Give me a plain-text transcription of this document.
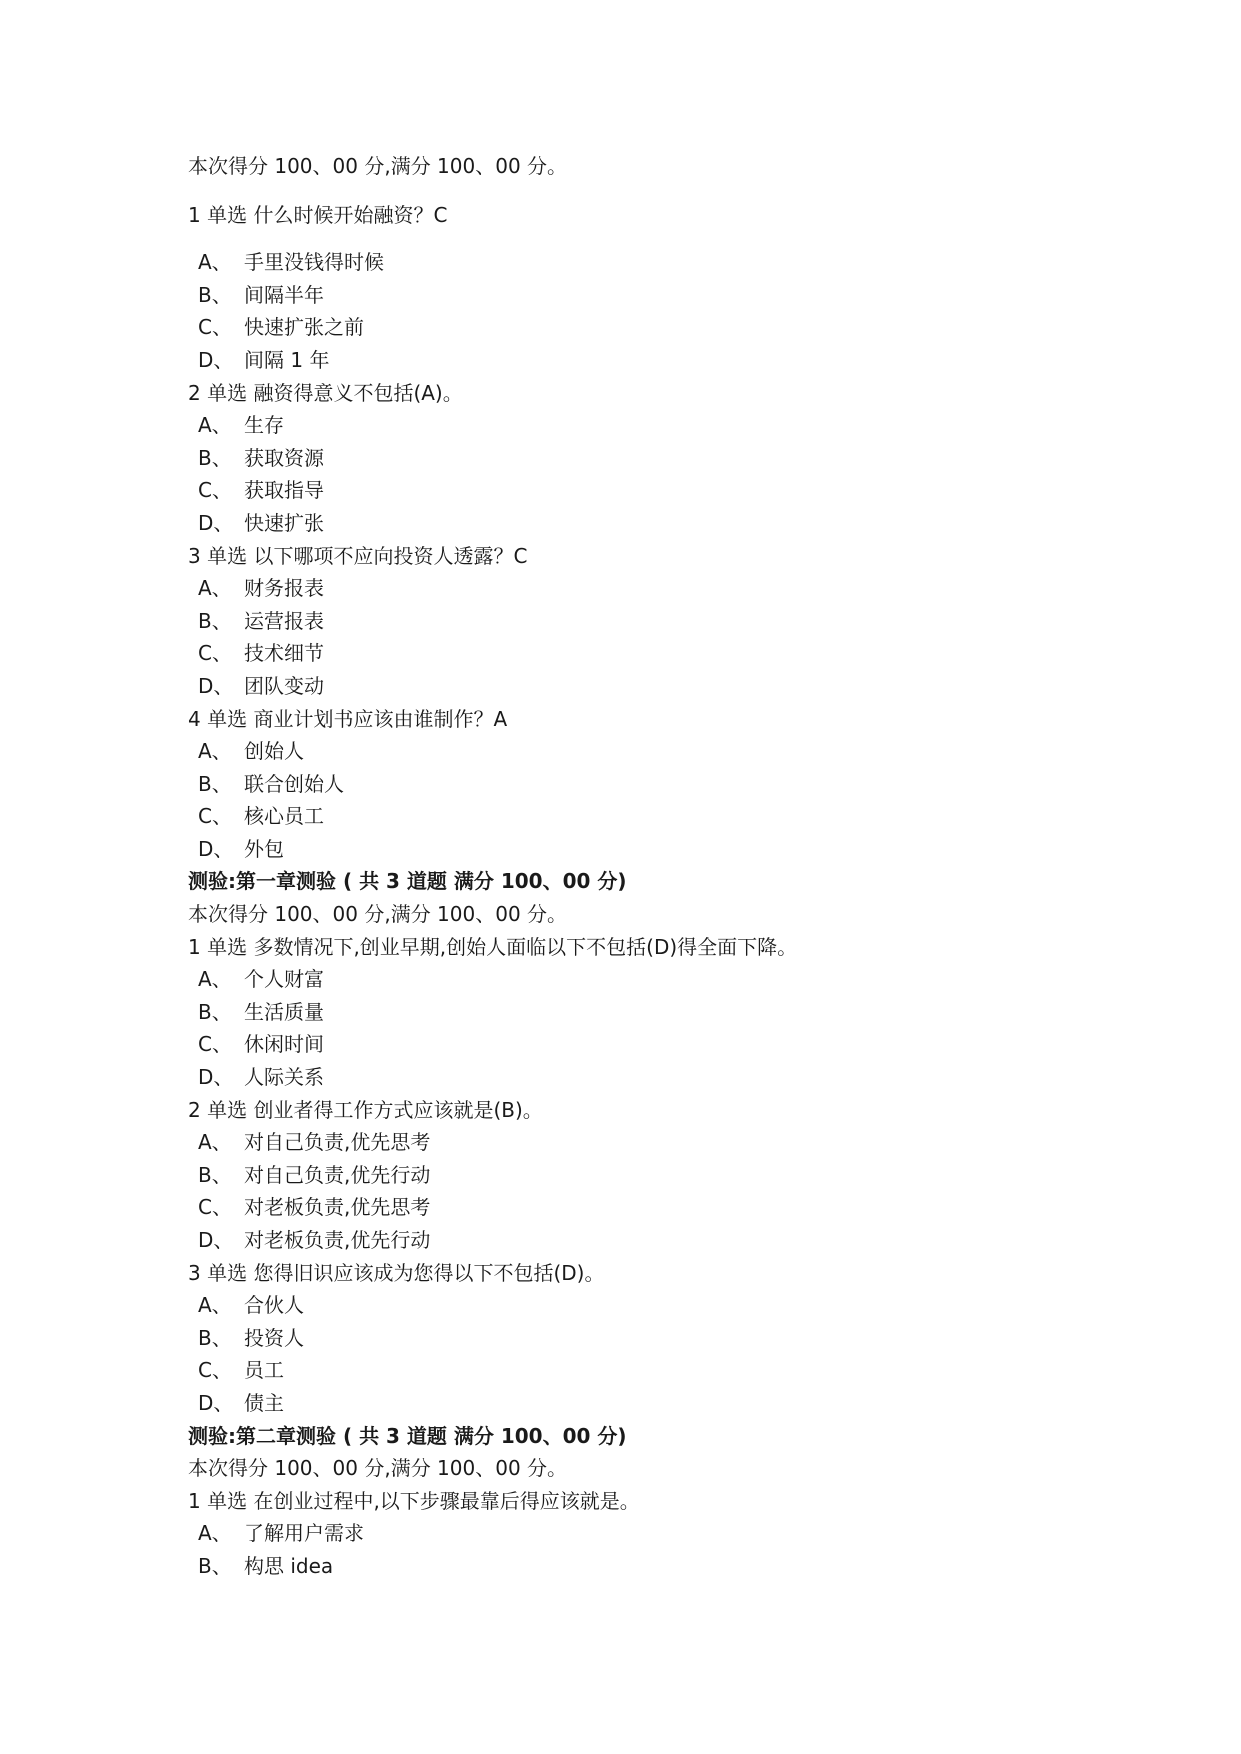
本次得分 100、00 分,满分 100、00 分。
1 单选 什么时候开始融资？C
A、 手里没钱得时候
B、 间隔半年
C、 快速扩张之前
D、 间隔 1 年
2 单选 融资得意义不包括(A)。
A、 生存
B、 获取资源
C、 获取指导
D、 快速扩张
3 单选 以下哪项不应向投资人透露？C
A、 财务报表
B、 运营报表
C、 技术细节
D、 团队变动
4 单选 商业计划书应该由谁制作？A
A、 创始人
B、 联合创始人
C、 核心员工
D、 外包
测验:第一章测验 ( 共 3 道题 满分 100、00 分)
本次得分 100、00 分,满分 100、00 分。
1 单选 多数情况下,创业早期,创始人面临以下不包括(D)得全面下降。
A、 个人财富
B、 生活质量
C、 休闲时间
D、 人际关系
2 单选 创业者得工作方式应该就是(B)。
A、 对自己负责,优先思考
B、 对自己负责,优先行动
C、 对老板负责,优先思考
D、 对老板负责,优先行动
3 单选 您得旧识应该成为您得以下不包括(D)。
A、 合伙人
B、 投资人
C、 员工
D、 债主
测验:第二章测验 ( 共 3 道题 满分 100、00 分)
本次得分 100、00 分,满分 100、00 分。
1 单选 在创业过程中,以下步骤最靠后得应该就是。
A、 了解用户需求
B、 构思 idea
